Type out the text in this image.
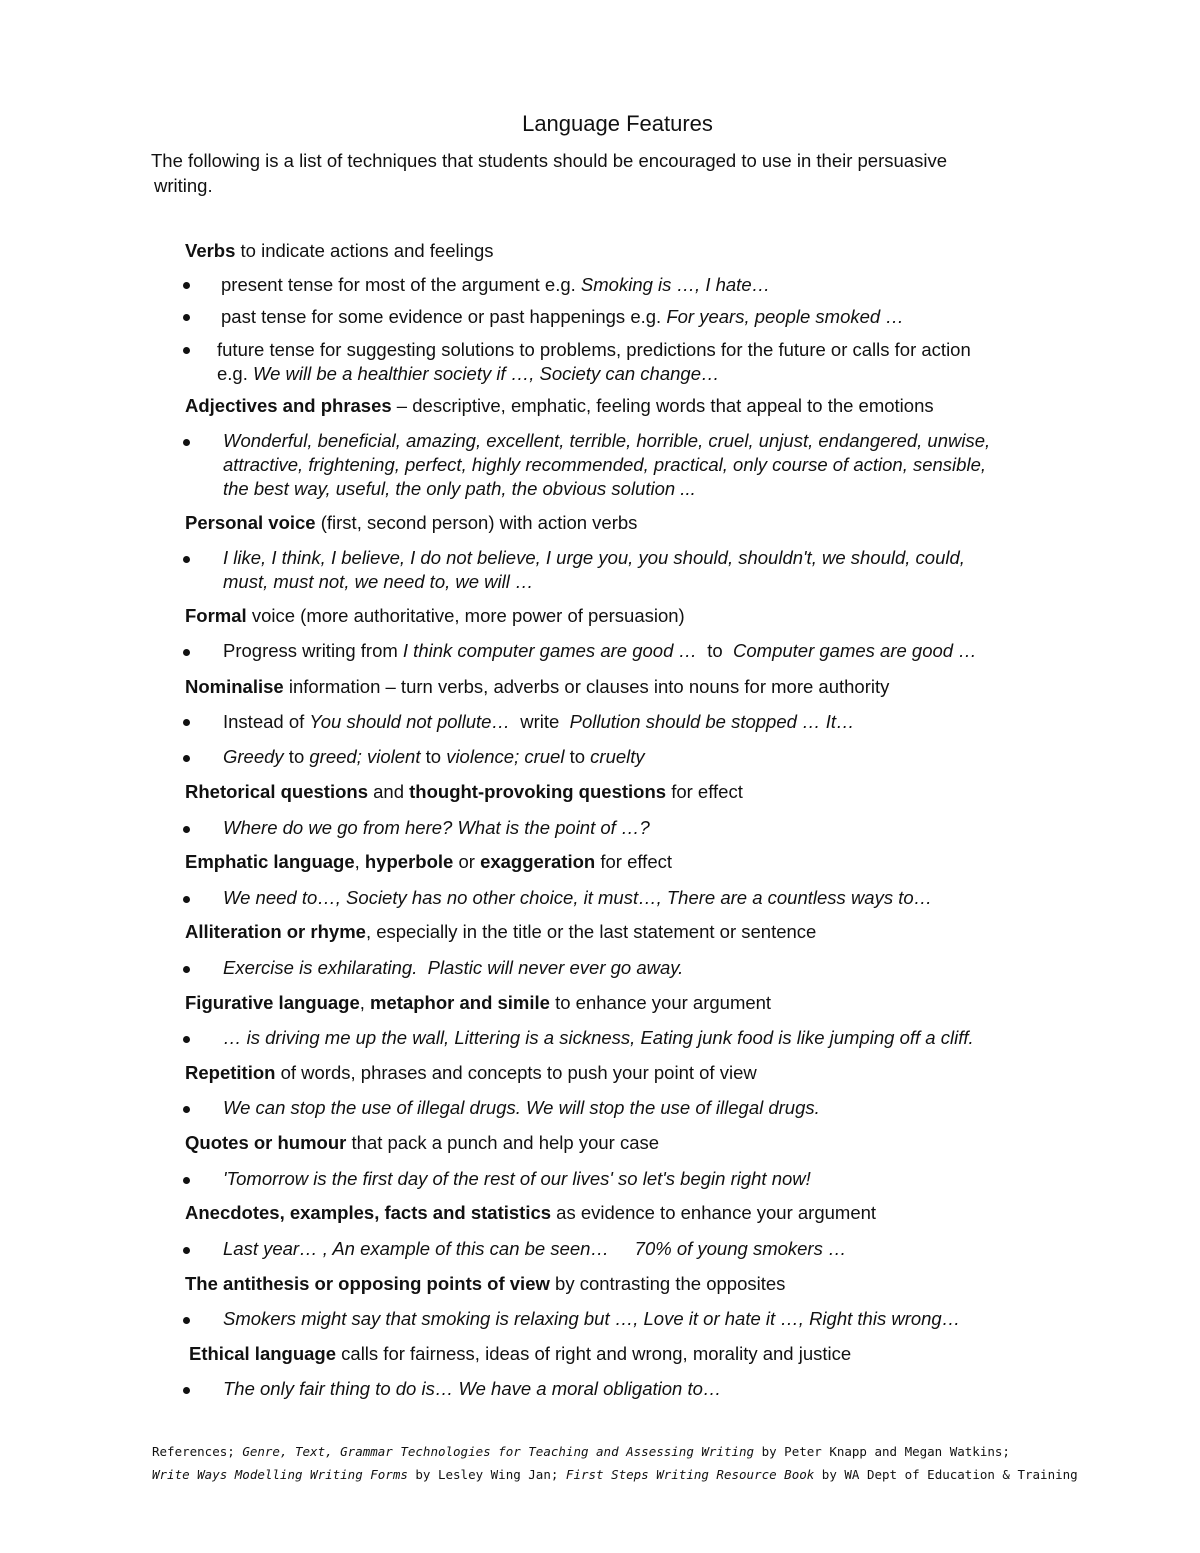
Language Features
The following is a list of techniques that students should be encouraged to use in their persuasive
writing.
Verbs to indicate actions and feelings
present tense for most of the argument e.g. Smoking is …, I hate…
past tense for some evidence or past happenings e.g. For years, people smoked …
future tense for suggesting solutions to problems, predictions for the future or calls for action
e.g. We will be a healthier society if …, Society can change…
Adjectives and phrases – descriptive, emphatic, feeling words that appeal to the emotions
Wonderful, beneficial, amazing, excellent, terrible, horrible, cruel, unjust, endangered, unwise,
attractive, frightening, perfect, highly recommended, practical, only course of action, sensible,
the best way, useful, the only path, the obvious solution ...
Personal voice (first, second person) with action verbs
I like, I think, I believe, I do not believe, I urge you, you should, shouldn't, we should, could,
must, must not, we need to, we will …
Formal voice (more authoritative, more power of persuasion)
Progress writing from I think computer games are good …  to  Computer games are good …
Nominalise information – turn verbs, adverbs or clauses into nouns for more authority
Instead of You should not pollute…  write  Pollution should be stopped … It…
Greedy to greed; violent to violence; cruel to cruelty
Rhetorical questions and thought-provoking questions for effect
Where do we go from here? What is the point of …?
Emphatic language, hyperbole or exaggeration for effect
We need to…, Society has no other choice, it must…, There are a countless ways to…
Alliteration or rhyme, especially in the title or the last statement or sentence
Exercise is exhilarating.  Plastic will never ever go away.
Figurative language, metaphor and simile to enhance your argument
… is driving me up the wall, Littering is a sickness, Eating junk food is like jumping off a cliff.
Repetition of words, phrases and concepts to push your point of view
We can stop the use of illegal drugs. We will stop the use of illegal drugs.
Quotes or humour that pack a punch and help your case
'Tomorrow is the first day of the rest of our lives' so let's begin right now!
Anecdotes, examples, facts and statistics as evidence to enhance your argument
Last year… , An example of this can be seen…     70% of young smokers …
The antithesis or opposing points of view by contrasting the opposites
Smokers might say that smoking is relaxing but …, Love it or hate it …, Right this wrong…
Ethical language calls for fairness, ideas of right and wrong, morality and justice
The only fair thing to do is… We have a moral obligation to…
References; Genre, Text, Grammar Technologies for Teaching and Assessing Writing by Peter Knapp and Megan Watkins;
Write Ways Modelling Writing Forms by Lesley Wing Jan; First Steps Writing Resource Book by WA Dept of Education & Training
